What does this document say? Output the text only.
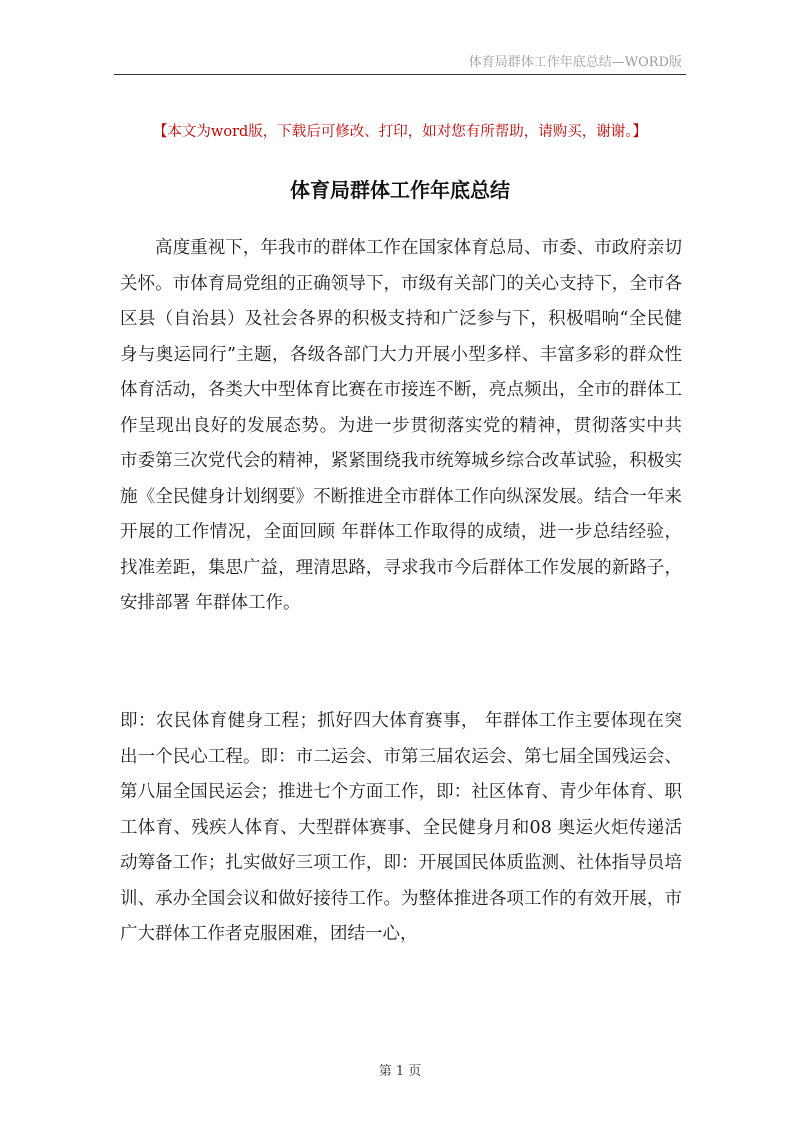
体育局群体工作年底总结—WORD版
【本文为word版，下载后可修改、打印，如对您有所帮助，请购买，谢谢。】
体育局群体工作年底总结
高度重视下，年我市的群体工作在国家体育总局、市委、市政府亲切关怀。市体育局党组的正确领导下，市级有关部门的关心支持下，全市各区县（自治县）及社会各界的积极支持和广泛参与下，积极唱响“全民健身与奥运同行”主题，各级各部门大力开展小型多样、丰富多彩的群众性体育活动，各类大中型体育比赛在市接连不断，亮点频出，全市的群体工作呈现出良好的发展态势。为进一步贯彻落实党的精神，贯彻落实中共 市委第三次党代会的精神，紧紧围绕我市统筹城乡综合改革试验，积极实施《全民健身计划纲要》不断推进全市群体工作向纵深发展。结合一年来开展的工作情况，全面回顾 年群体工作取得的成绩，进一步总结经验，找准差距，集思广益，理清思路，寻求我市今后群体工作发展的新路子，安排部署 年群体工作。
即：农民体育健身工程；抓好四大体育赛事， 年群体工作主要体现在突出一个民心工程。即：市二运会、市第三届农运会、第七届全国残运会、第八届全国民运会；推进七个方面工作，即：社区体育、青少年体育、职工体育、残疾人体育、大型群体赛事、全民健身月和08 奥运火炬传递活动筹备工作；扎实做好三项工作，即：开展国民体质监测、社体指导员培训、承办全国会议和做好接待工作。为整体推进各项工作的有效开展，市广大群体工作者克服困难，团结一心，
第 1 页
